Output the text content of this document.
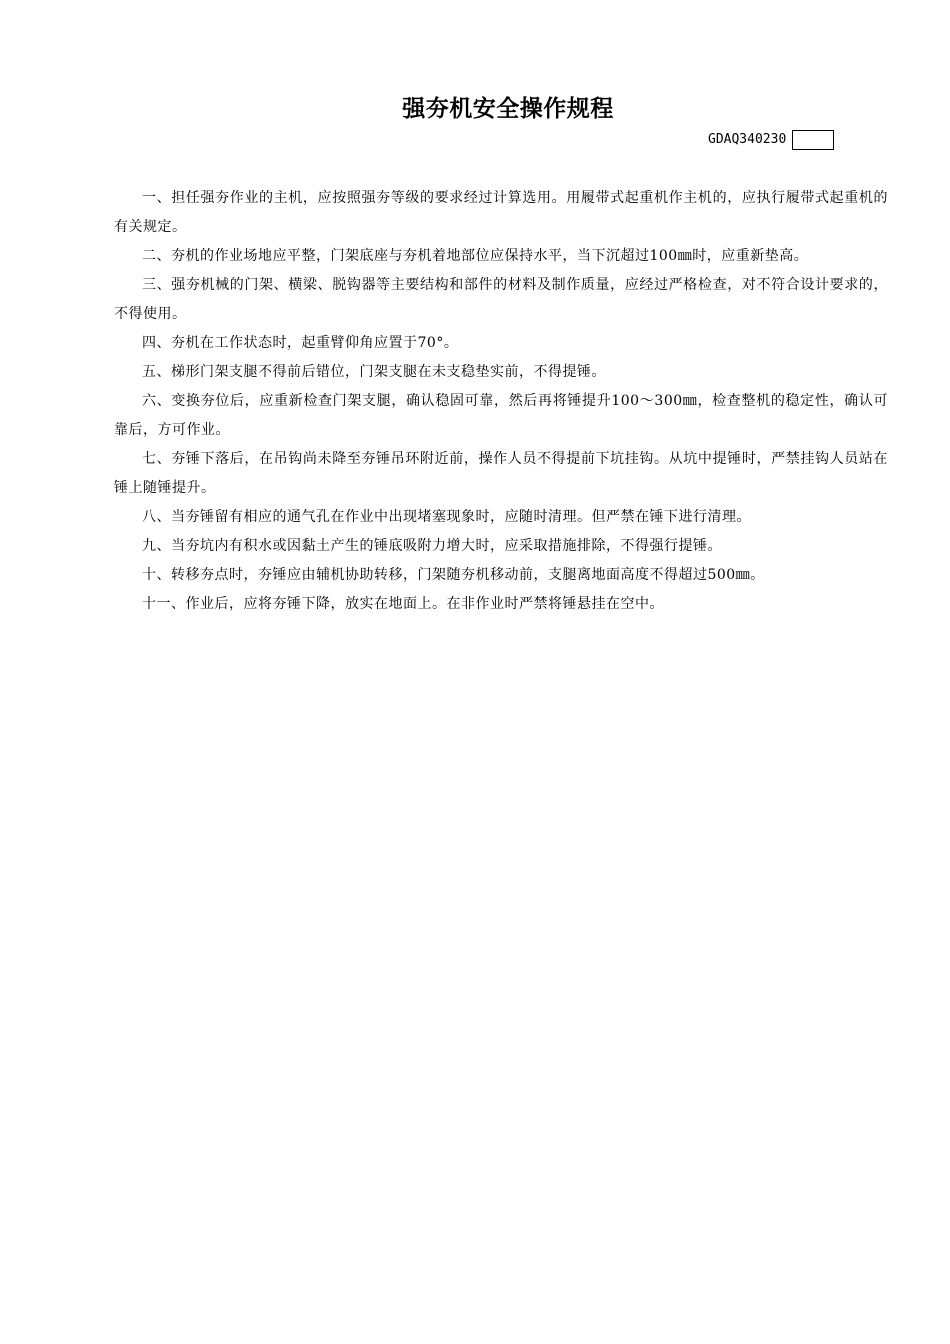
强夯机安全操作规程
GDAQ340230

一、担任强夯作业的主机，应按照强夯等级的要求经过计算选用。用履带式起重机作主机的，应执行履带式起重机的有关规定。

二、夯机的作业场地应平整，门架底座与夯机着地部位应保持水平，当下沉超过100㎜时，应重新垫高。

三、强夯机械的门架、横梁、脱钩器等主要结构和部件的材料及制作质量，应经过严格检查，对不符合设计要求的，不得使用。

四、夯机在工作状态时，起重臂仰角应置于70°。

五、梯形门架支腿不得前后错位，门架支腿在未支稳垫实前，不得提锤。

六、变换夯位后，应重新检查门架支腿，确认稳固可靠，然后再将锤提升100～300㎜，检查整机的稳定性，确认可靠后，方可作业。

七、夯锤下落后，在吊钩尚未降至夯锤吊环附近前，操作人员不得提前下坑挂钩。从坑中提锤时，严禁挂钩人员站在锤上随锤提升。

八、当夯锤留有相应的通气孔在作业中出现堵塞现象时，应随时清理。但严禁在锤下进行清理。

九、当夯坑内有积水或因黏土产生的锤底吸附力增大时，应采取措施排除，不得强行提锤。

十、转移夯点时，夯锤应由辅机协助转移，门架随夯机移动前，支腿离地面高度不得超过500㎜。

十一、作业后，应将夯锤下降，放实在地面上。在非作业时严禁将锤悬挂在空中。
